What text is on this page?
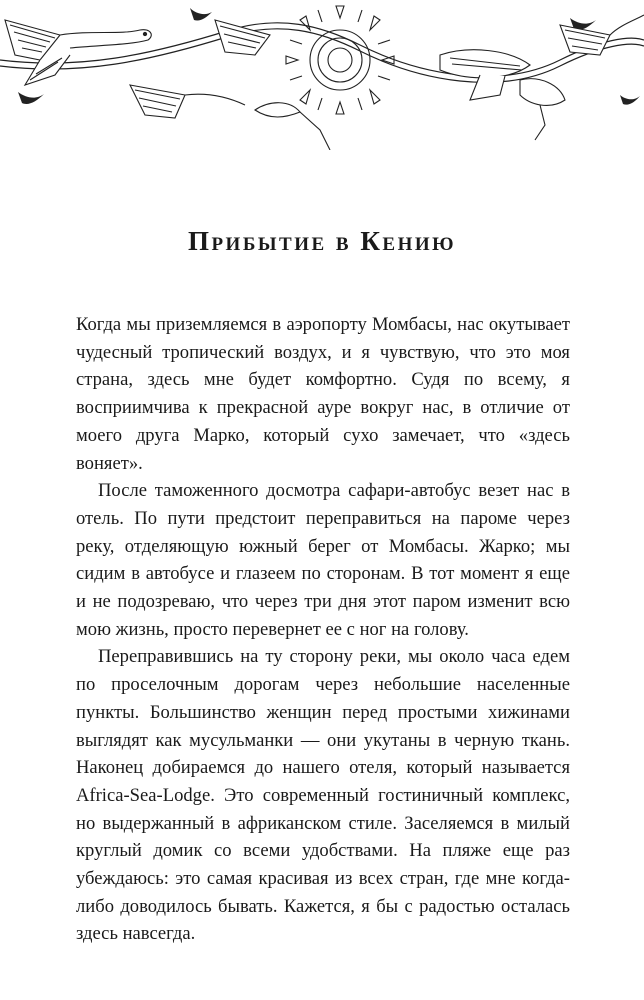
Прибытие в Кению

Когда мы приземляемся в аэропорту Момбасы, нас окутывает чудесный тропический воздух, и я чувствую, что это моя страна, здесь мне будет комфортно. Судя по всему, я восприимчива к прекрасной ауре вокруг нас, в отличие от моего друга Марко, который сухо замечает, что «здесь воняет».

После таможенного досмотра сафари-автобус везет нас в отель. По пути предстоит переправиться на пароме через реку, отделяющую южный берег от Момбасы. Жарко; мы сидим в автобусе и глазеем по сторонам. В тот момент я еще и не подозреваю, что через три дня этот паром изменит всю мою жизнь, просто перевернет ее с ног на голову.

Переправившись на ту сторону реки, мы около часа едем по проселочным дорогам через небольшие населенные пункты. Большинство женщин перед простыми хижинами выглядят как мусульманки — они укутаны в черную ткань. Наконец добираемся до нашего отеля, который называется Africa-Sea-Lodge. Это современный гостиничный комплекс, но выдержанный в африканском стиле. Заселяемся в милый круглый домик со всеми удобствами. На пляже еще раз убеждаюсь: это самая красивая из всех стран, где мне когда-либо доводилось бывать. Кажется, я бы с радостью осталась здесь навсегда.
